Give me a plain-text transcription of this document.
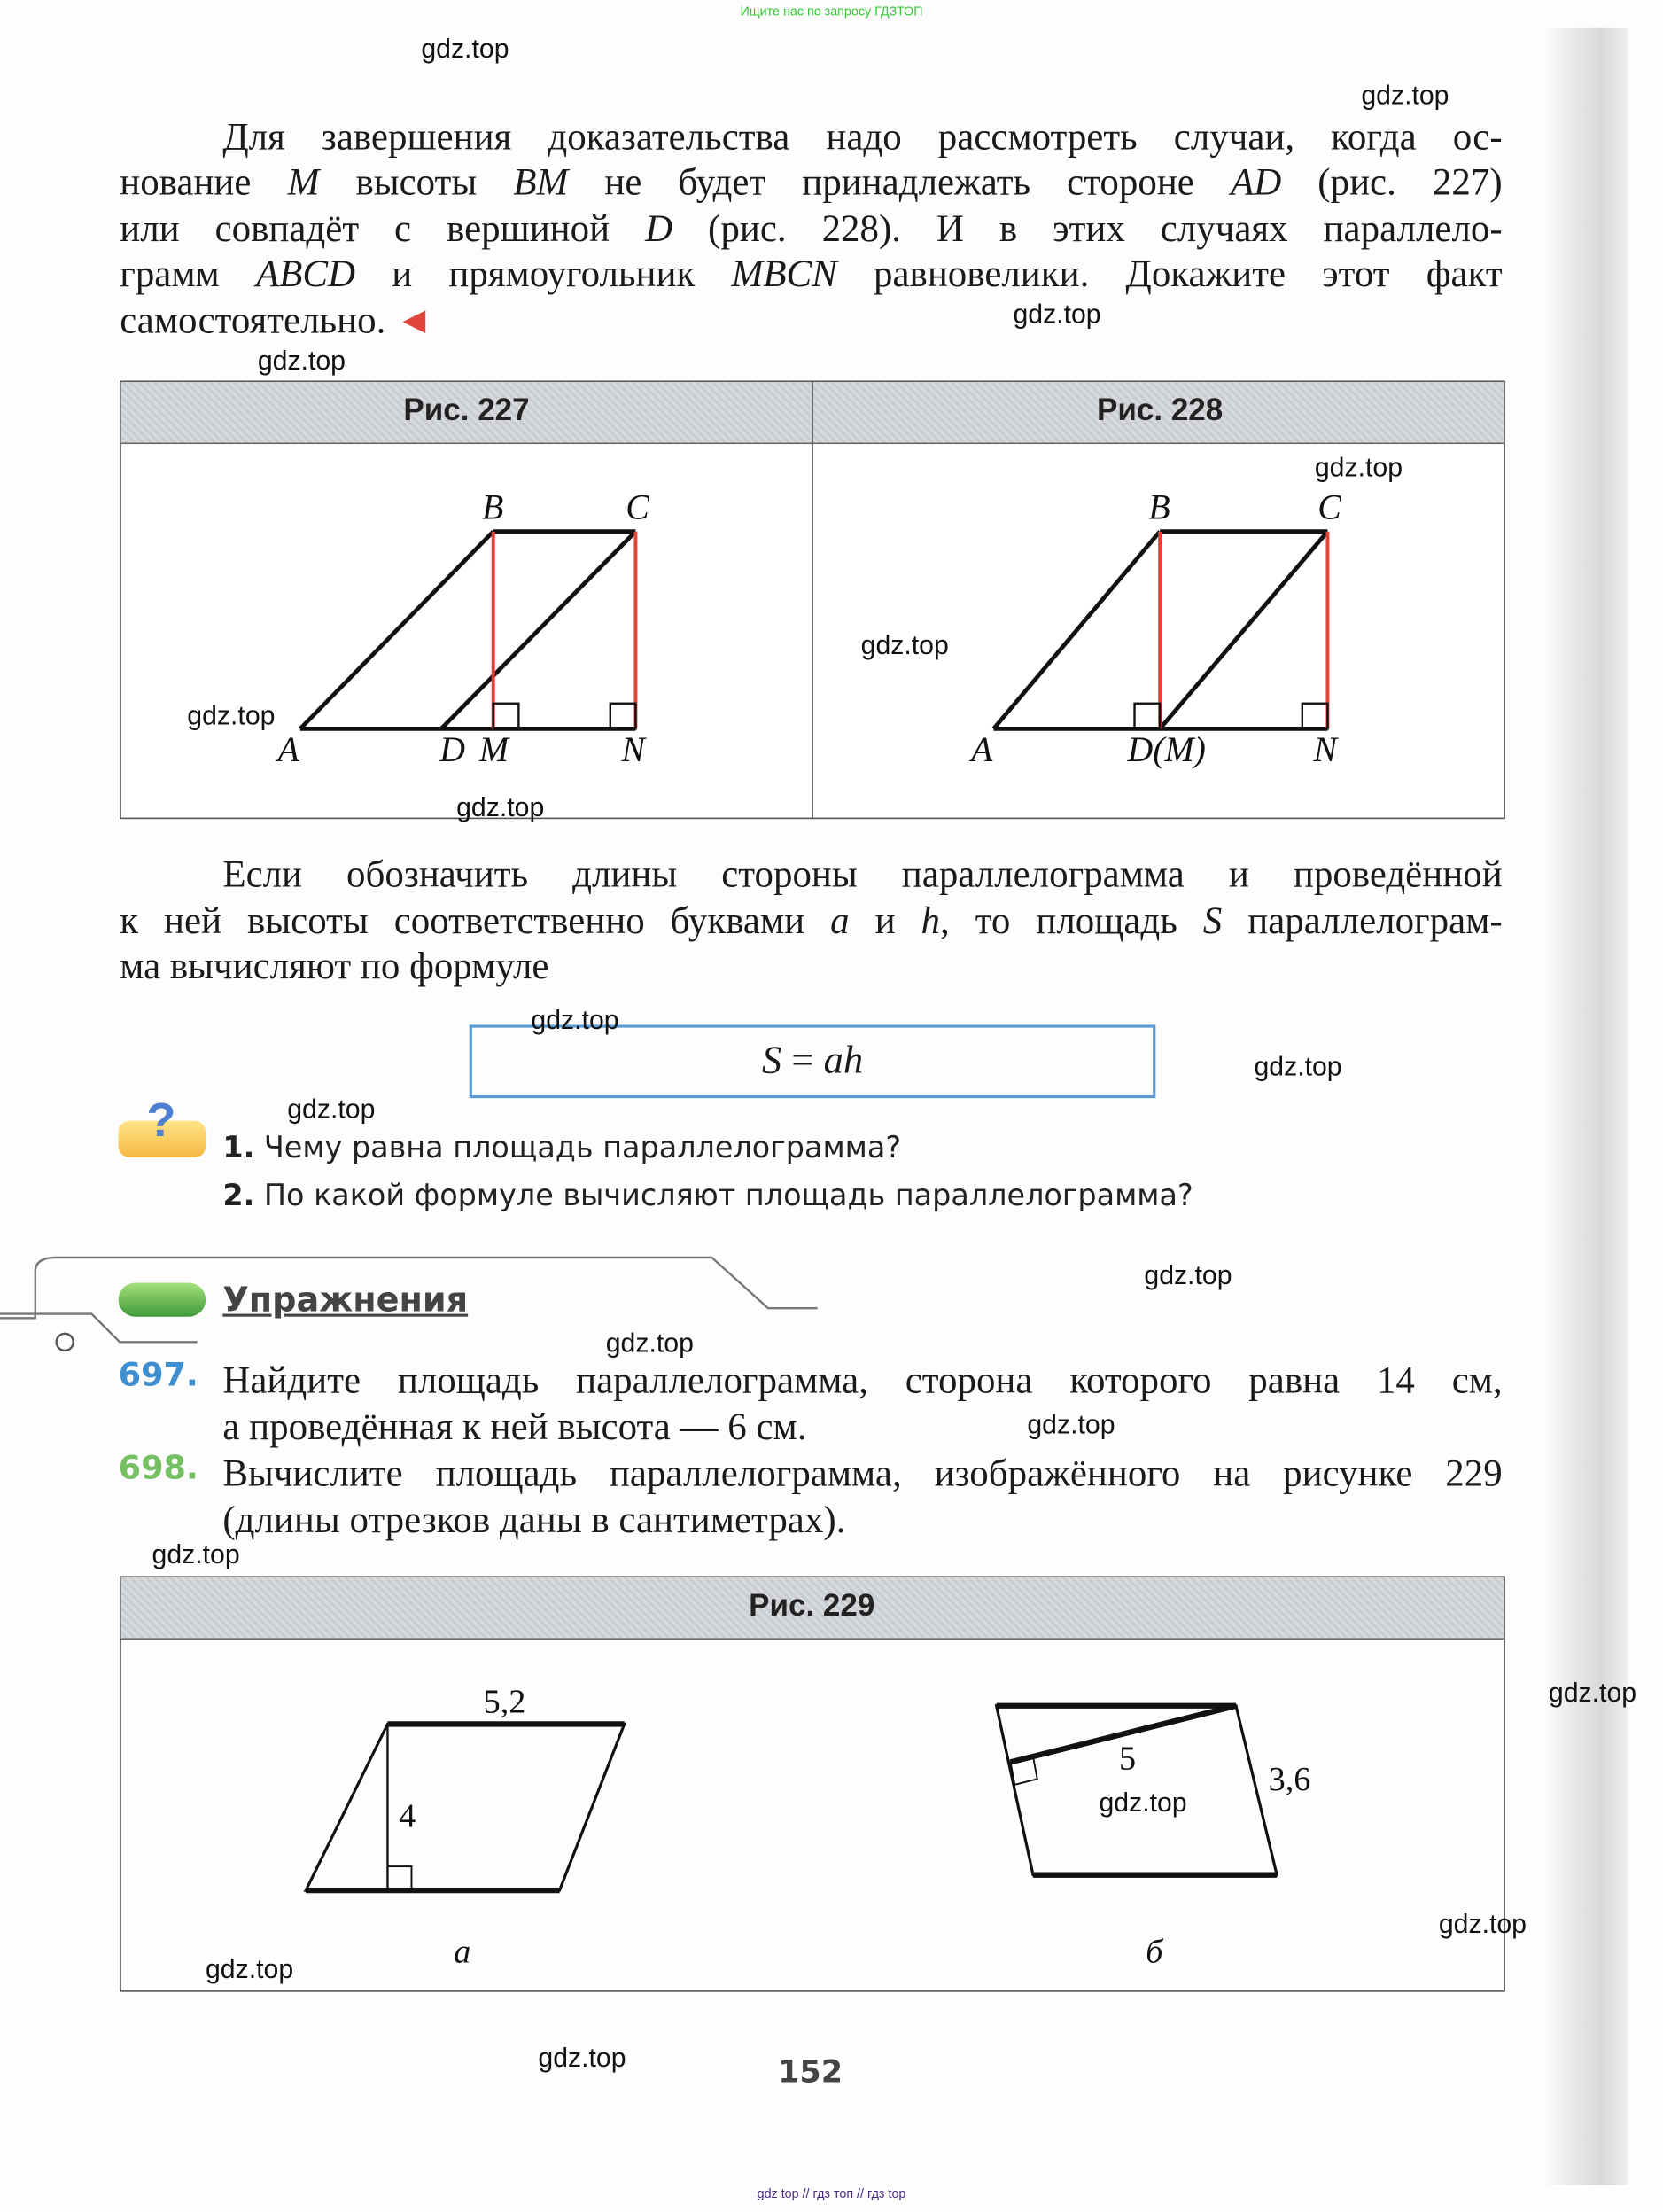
Ищите нас по запросу ГДЗТОП
Для завершения доказательства надо рассмотреть случаи, когда ос-
нование M высоты BM не будет принадлежать стороне AD (рис. 227)
или совпадёт с вершиной D (рис. 228). И в этих случаях параллело-
грамм ABCD и прямоугольник MBCN равновелики. Докажите этот факт
самостоятельно. ◄
Рис. 227	Рис. 228
A
B	C
D M	N	A
B	C
D(M)	N
5,2
4
а
5
3,6
б
Если обозначить длины стороны параллелограмма и проведённой
к ней высоты соответственно буквами a и h, то площадь S параллелограм-
ма вычисляют по формуле
S = ah
?	1. Чему равна площадь параллелограмма?
2. По какой формуле вычисляют площадь параллелограмма?
Упражнения
697. Найдите площадь параллелограмма, сторона которого равна 14 см,
а проведённая к ней высота — 6 см.
698. Вычислите площадь параллелограмма, изображённого на рисунке 229
(длины отрезков даны в сантиметрах).
Рис. 229
152
gdz.top
gdz.top
gdz.top
gdz.top
gdz.top
gdz.top
gdz.top
gdz.top
gdz.top
gdz.top
gdz.top
gdz.top
gdz.top
gdz.top
gdz.top
gdz.top
gdz.top
gdz.top
gdz.top
gdz.top
gdz top // гдз топ // гдз top
